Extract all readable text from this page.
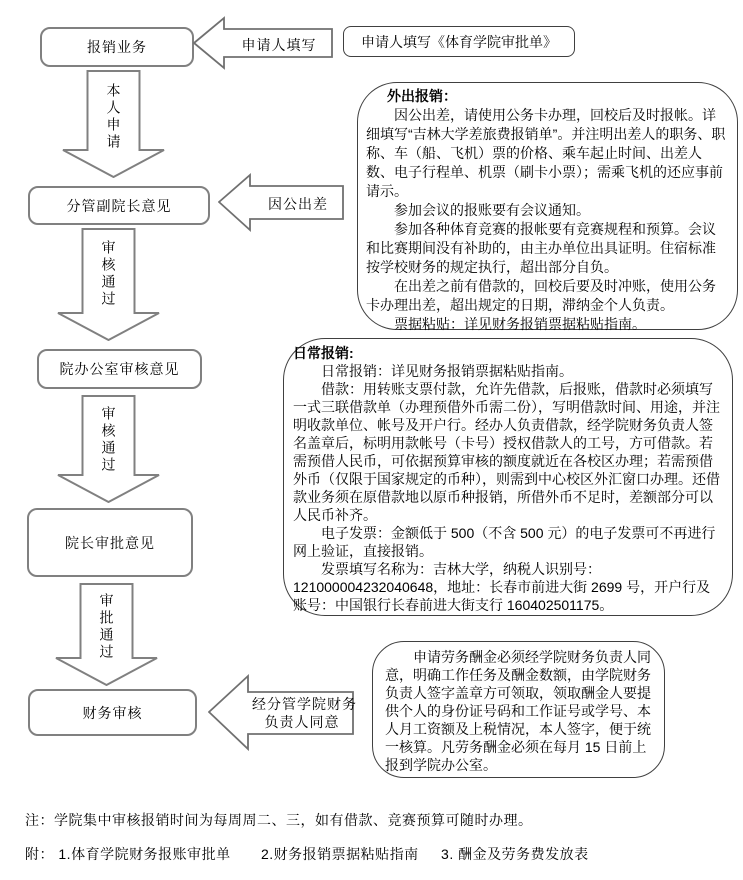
报销业务	申请人填写	申请人填写《体育学院审批单》
本人申请
分管副院长意见	因公出差
审核通过
院办公室审核意见
审核通过
院长审批意见
审批通过
财务审核
经分管学院财务
负责人同意

外出报销：

因公出差，请使用公务卡办理，回校后及时报帐。详细填写“吉林大学差旅费报销单”。并注明出差人的职务、职称、车（船、飞机）票的价格、乘车起止时间、出差人数、电子行程单、机票（刷卡小票）；需乘飞机的还应事前请示。

参加会议的报账要有会议通知。

参加各种体育竞赛的报帐要有竞赛规程和预算。会议和比赛期间没有补助的，由主办单位出具证明。住宿标准按学校财务的规定执行，超出部分自负。

在出差之前有借款的，回校后要及时冲账，使用公务卡办理出差，超出规定的日期，滞纳金个人负责。

票据粘贴：详见财务报销票据粘贴指南。

日常报销:

日常报销：详见财务报销票据粘贴指南。

借款：用转账支票付款，允许先借款，后报账，借款时必须填写一式三联借款单（办理预借外币需二份），写明借款时间、用途，并注明收款单位、帐号及开户行。经办人负责借款，经学院财务负责人签名盖章后，标明用款帐号（卡号）授权借款人的工号，方可借款。若需预借人民币，可依据预算审核的额度就近在各校区办理；若需预借外币（仅限于国家规定的币种），则需到中心校区外汇窗口办理。还借款业务须在原借款地以原币种报销，所借外币不足时，差额部分可以人民币补齐。

电子发票：金额低于 500（不含 500 元）的电子发票可不再进行网上验证，直接报销。

发票填写名称为：吉林大学，纳税人识别号：121000004232040648，地址：长春市前进大街 2699 号，开户行及账号：中国银行长春前进大街支行 160402501175。

申请劳务酬金必须经学院财务负责人同意，明确工作任务及酬金数额，由学院财务负责人签字盖章方可领取，领取酬金人要提供个人的身份证号码和工作证号或学号、本人月工资额及上税情况，本人签字，便于统一核算。凡劳务酬金必须在每月 15 日前上报到学院办公室。

注：学院集中审核报销时间为每周周二、三，如有借款、竞赛预算可随时办理。
附： 1.体育学院财务报账审批单 2.财务报销票据粘贴指南 3. 酬金及劳务费发放表
